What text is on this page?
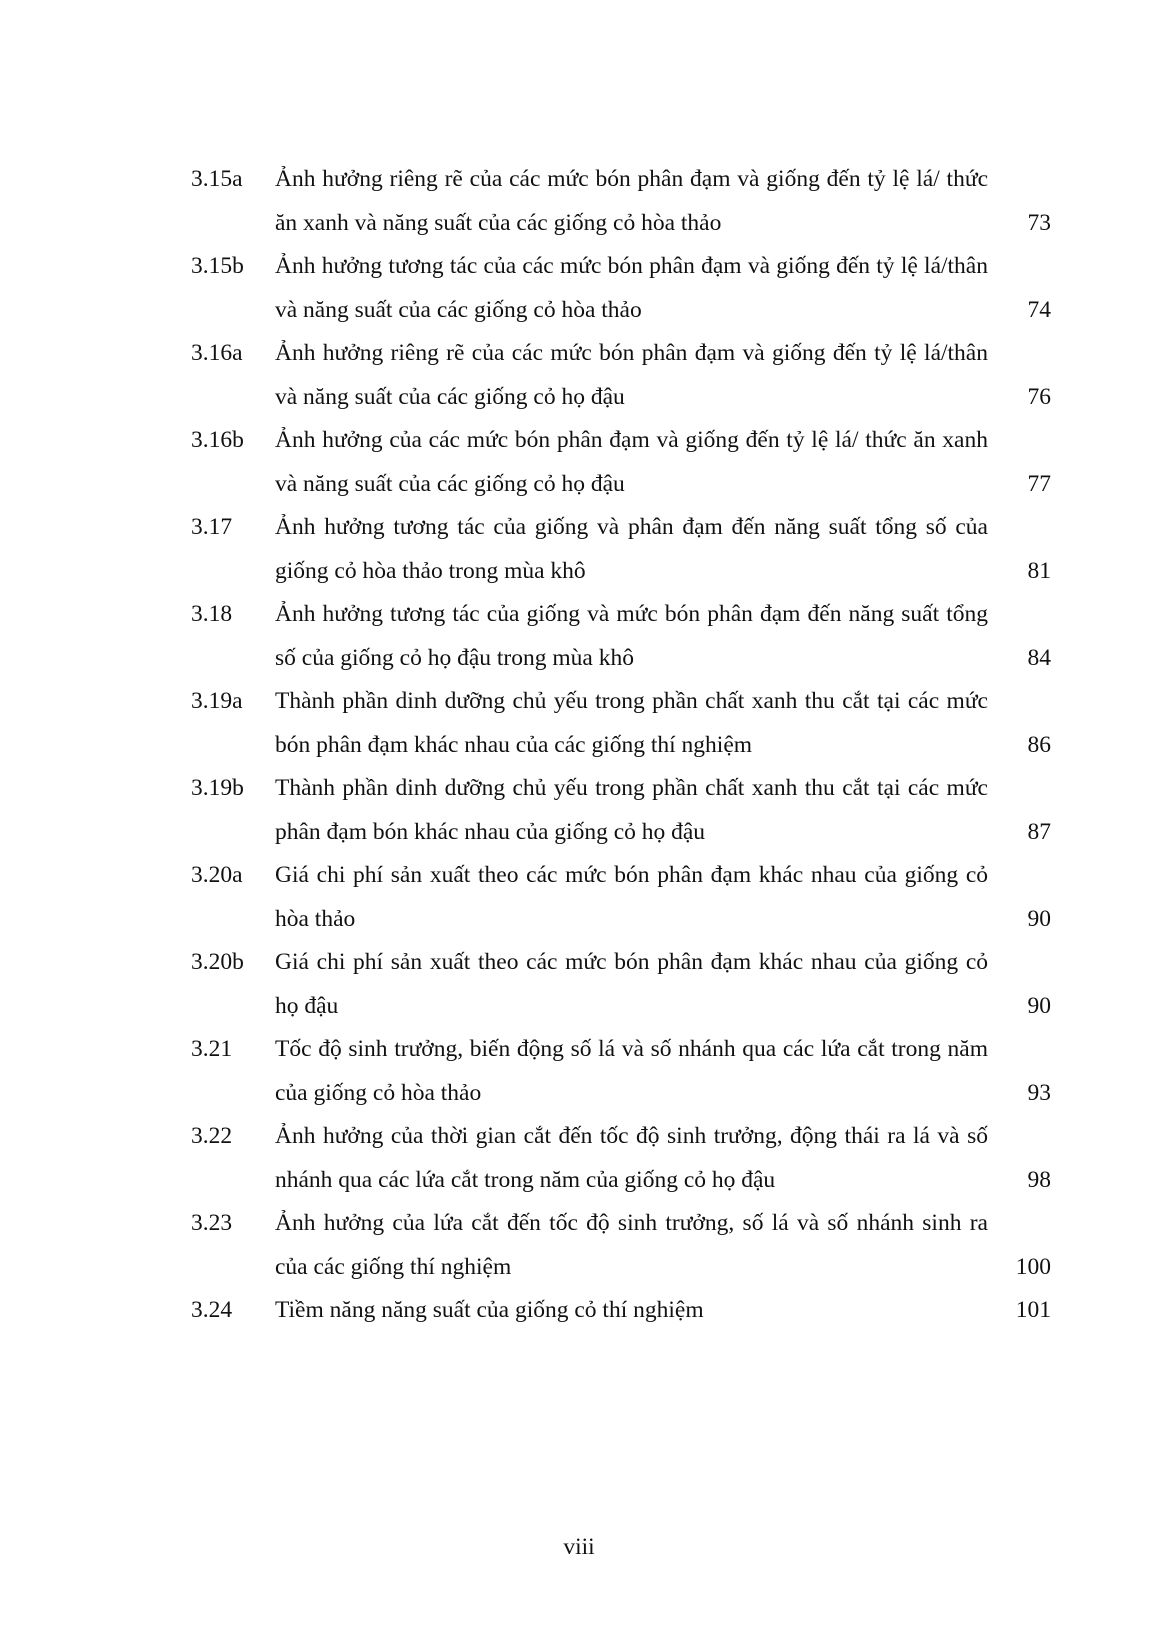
3.15a	Ảnh hưởng riêng rẽ của các mức bón phân đạm và giống đến tỷ lệ lá/ thức ăn xanh và năng suất của các giống cỏ hòa thảo	73
3.15b	Ảnh hưởng tương tác của các mức bón phân đạm và giống đến tỷ lệ lá/thân và năng suất của các giống cỏ hòa thảo	74
3.16a	Ảnh hưởng riêng rẽ của các mức bón phân đạm và giống đến tỷ lệ lá/thân và năng suất của các giống cỏ họ đậu	76
3.16b	Ảnh hưởng của các mức bón phân đạm và giống đến tỷ lệ lá/ thức ăn xanh và năng suất của các giống cỏ họ đậu	77
3.17	Ảnh hưởng tương tác của giống và phân đạm đến năng suất tổng số của giống cỏ hòa thảo trong mùa khô	81
3.18	Ảnh hưởng tương tác của giống và mức bón phân đạm đến năng suất tổng số của giống cỏ họ đậu trong mùa khô	84
3.19a	Thành phần dinh dưỡng chủ yếu trong phần chất xanh thu cắt tại các mức bón phân đạm khác nhau của các giống thí nghiệm	86
3.19b	Thành phần dinh dưỡng chủ yếu trong phần chất xanh thu cắt tại các mức phân đạm bón khác nhau của giống cỏ họ đậu	87
3.20a	Giá chi phí sản xuất theo các mức bón phân đạm khác nhau của giống cỏ hòa thảo	90
3.20b	Giá chi phí sản xuất theo các mức bón phân đạm khác nhau của giống cỏ họ đậu	90
3.21	Tốc độ sinh trưởng, biến động số lá và số nhánh qua các lứa cắt trong năm của giống cỏ hòa thảo	93
3.22	Ảnh hưởng của thời gian cắt đến tốc độ sinh trưởng, động thái ra lá và số nhánh qua các lứa cắt trong năm của giống cỏ họ đậu	98
3.23	Ảnh hưởng của lứa cắt đến tốc độ sinh trưởng, số lá và số nhánh sinh ra của các giống thí nghiệm	100
3.24	Tiềm năng năng suất của giống cỏ thí nghiệm	101
viii
